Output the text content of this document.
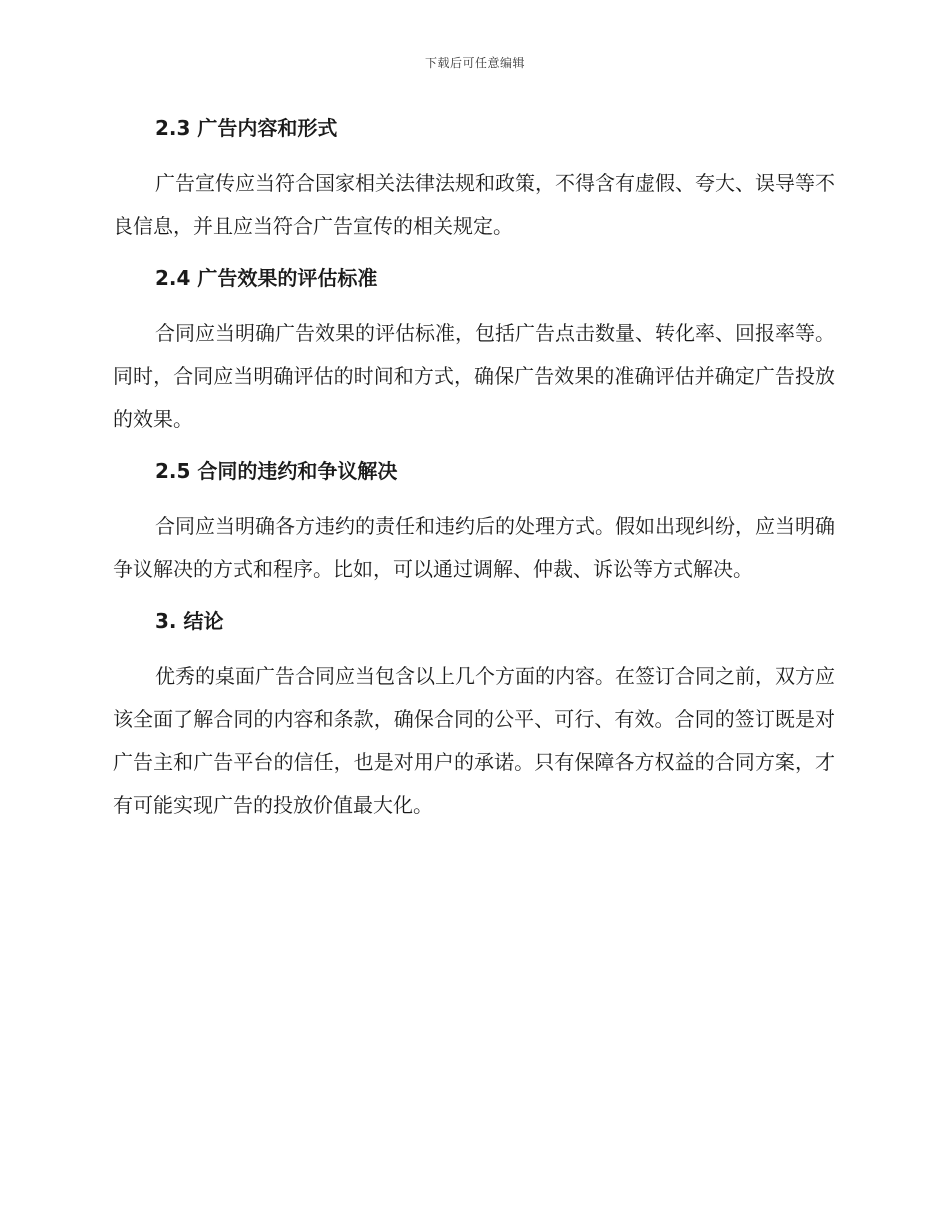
下载后可任意编辑
2.3 广告内容和形式

广告宣传应当符合国家相关法律法规和政策，不得含有虚假、夸大、误导等不良信息，并且应当符合广告宣传的相关规定。

2.4 广告效果的评估标准

合同应当明确广告效果的评估标准，包括广告点击数量、转化率、回报率等。同时，合同应当明确评估的时间和方式，确保广告效果的准确评估并确定广告投放的效果。

2.5 合同的违约和争议解决

合同应当明确各方违约的责任和违约后的处理方式。假如出现纠纷，应当明确争议解决的方式和程序。比如，可以通过调解、仲裁、诉讼等方式解决。

3. 结论

优秀的桌面广告合同应当包含以上几个方面的内容。在签订合同之前，双方应该全面了解合同的内容和条款，确保合同的公平、可行、有效。合同的签订既是对广告主和广告平台的信任，也是对用户的承诺。只有保障各方权益的合同方案，才有可能实现广告的投放价值最大化。
